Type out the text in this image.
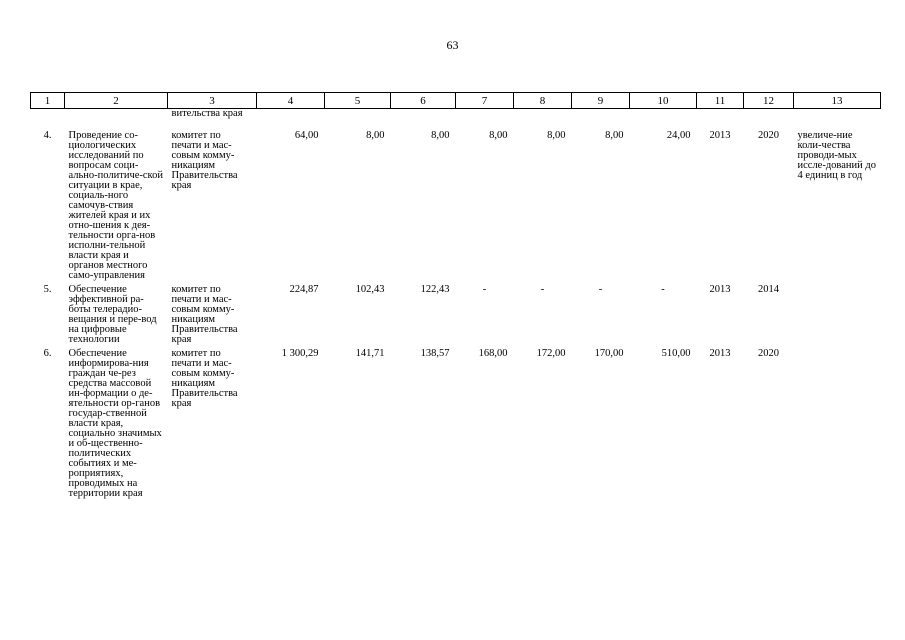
63
1	2	3	4	5	6	7	8	9	10	11	12	13
		вительства края										
4.	Проведение со-циологических исследований по вопросам соци-ально-политиче-ской ситуации в крае, социаль-ного самочув-ствия жителей края и их отно-шения к дея-тельности орга-нов исполни-тельной власти края и органов местного само-управления	комитет по печати и мас-совым комму-никациям Правительства края	64,00	8,00	8,00	8,00	8,00	8,00	24,00	2013	2020	увеличе-ние коли-чества проводи-мых иссле-дований до 4 единиц в год
5.	Обеспечение эффективной ра-боты телерадио-вещания и пере-вод на цифровые технологии	комитет по печати и мас-совым комму-никациям Правительства края	224,87	102,43	122,43	-	-	-	-	2013	2014	
6.	Обеспечение информирова-ния граждан че-рез средства массовой ин-формации о де-ятельности ор-ганов государ-ственной власти края, социально значимых и об-щественно-политических событиях и ме-роприятиях, проводимых на территории края	комитет по печати и мас-совым комму-никациям Правительства края	1 300,29	141,71	138,57	168,00	172,00	170,00	510,00	2013	2020	
